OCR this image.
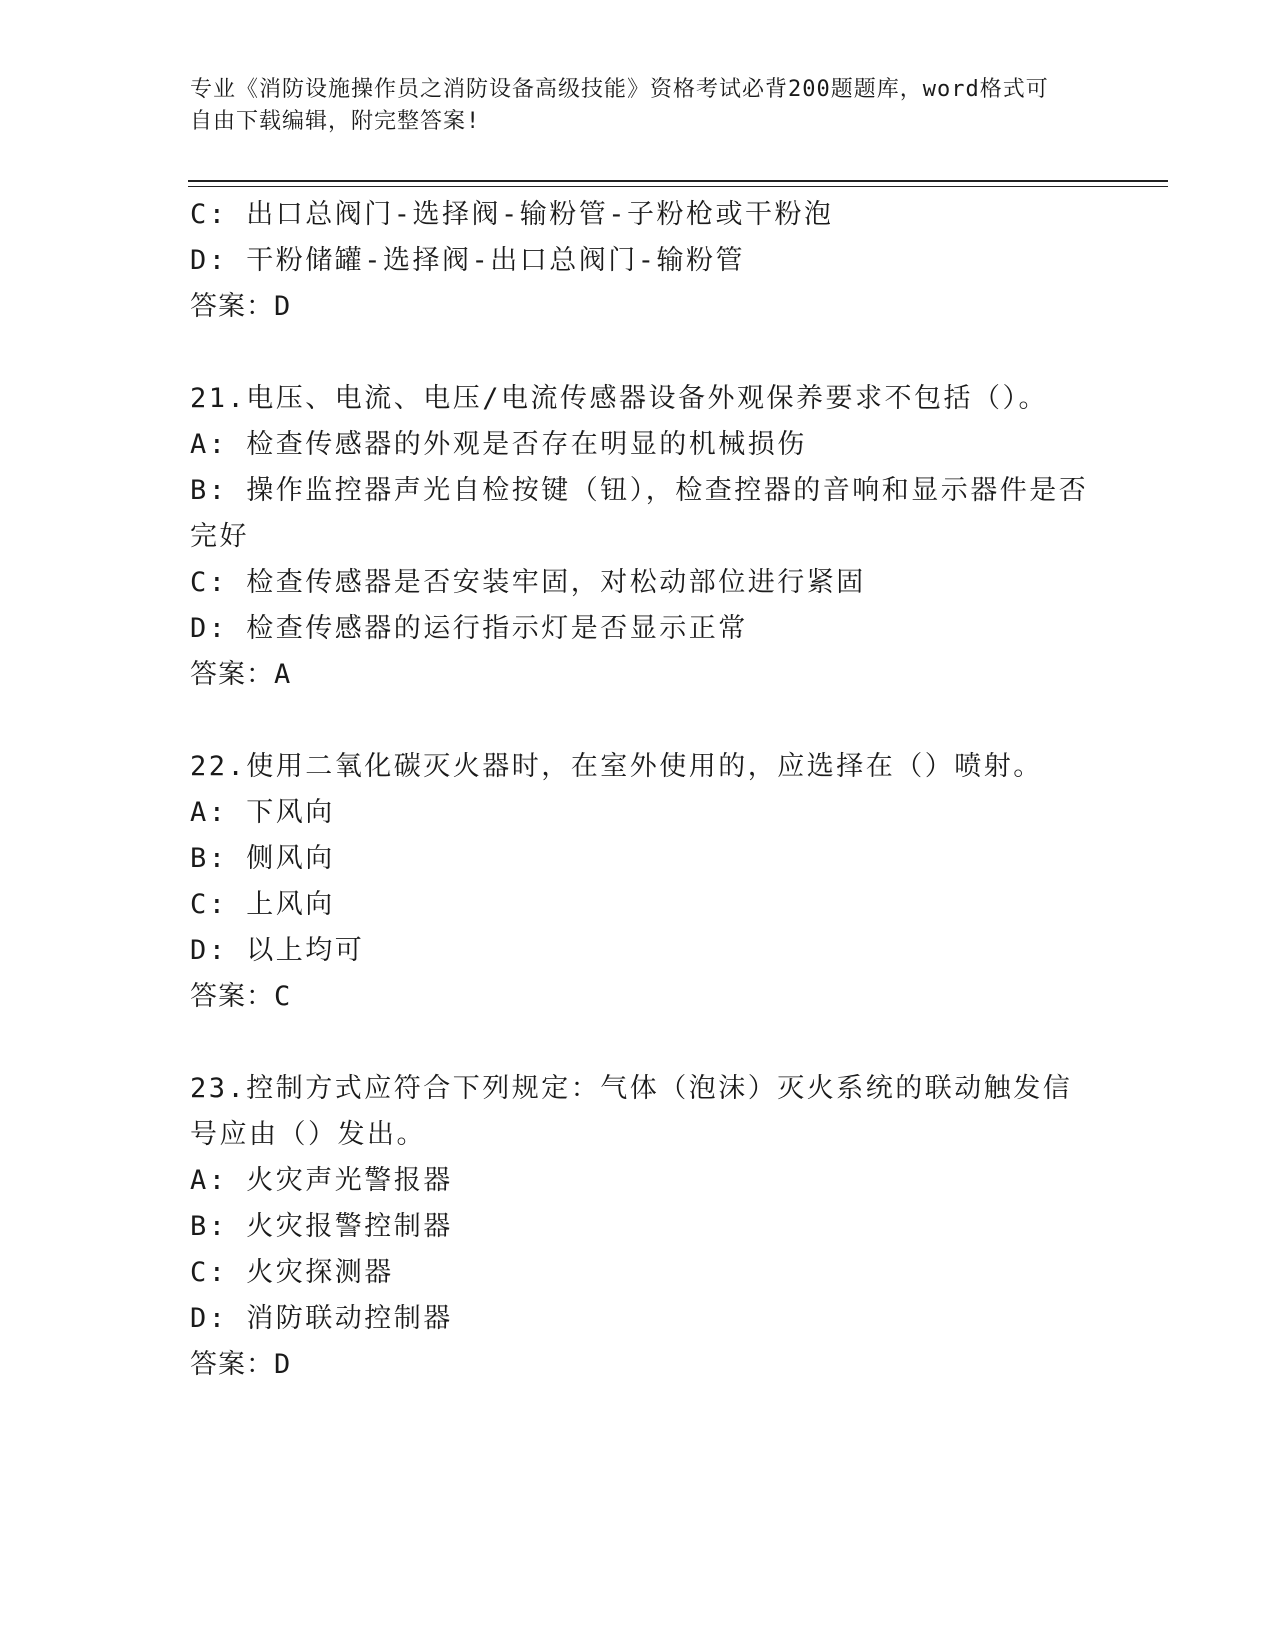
专业《消防设施操作员之消防设备高级技能》资格考试必背200题题库，word格式可自由下载编辑，附完整答案!
C: 出口总阀门-选择阀-输粉管-子粉枪或干粉泡
D: 干粉储罐-选择阀-出口总阀门-输粉管
答案：D
21.电压、电流、电压/电流传感器设备外观保养要求不包括（）。
A: 检查传感器的外观是否存在明显的机械损伤
B: 操作监控器声光自检按键（钮），检查控器的音响和显示器件是否完好
C: 检查传感器是否安装牢固，对松动部位进行紧固
D: 检查传感器的运行指示灯是否显示正常
答案：A
22.使用二氧化碳灭火器时，在室外使用的，应选择在（）喷射。
A: 下风向
B: 侧风向
C: 上风向
D: 以上均可
答案：C
23.控制方式应符合下列规定：气体（泡沫）灭火系统的联动触发信号应由（）发出。
A: 火灾声光警报器
B: 火灾报警控制器
C: 火灾探测器
D: 消防联动控制器
答案：D
